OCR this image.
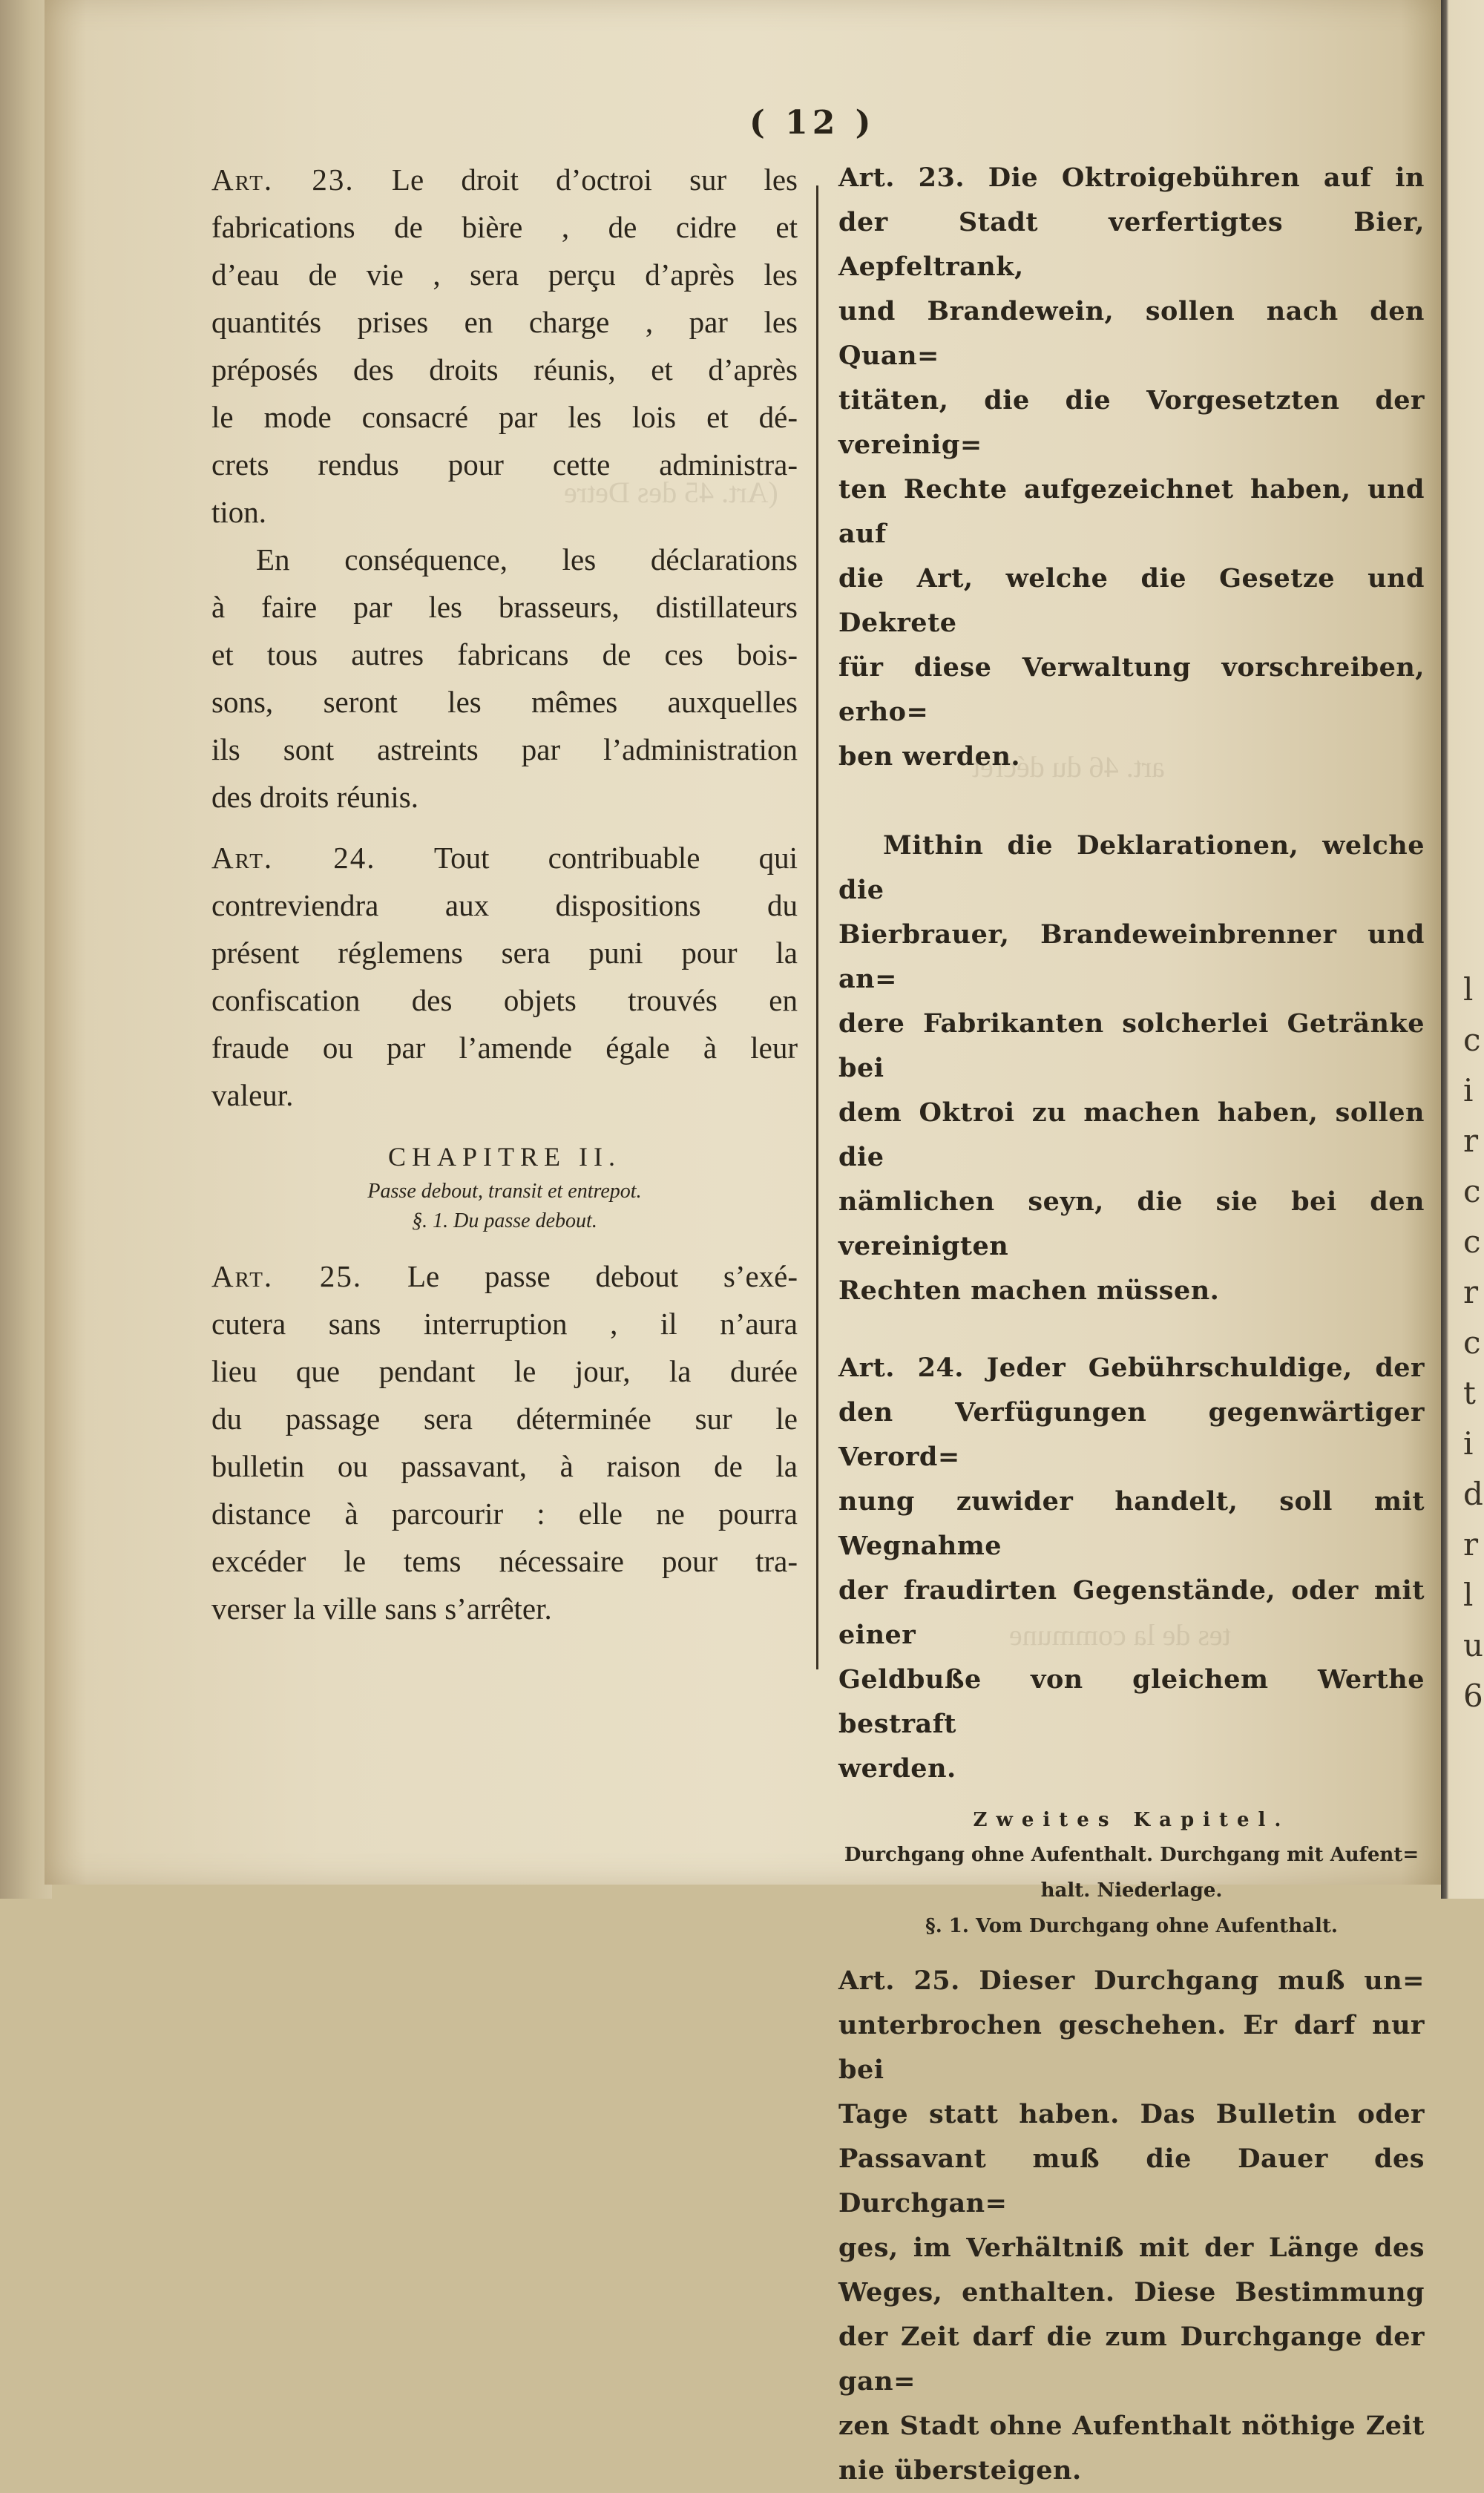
(Art. 45 des Detre
art. 46 du décret
tes de la commune
l
c
i
r
c
c
r
c
t
i
d
r
l
u
6
( 12 )

Art. 23. Le droit d’octroi sur les

fabrications de bière , de cidre et

d’eau de vie , sera perçu d’après les

quantités prises en charge , par les

préposés des droits réunis, et d’après

le mode consacré par les lois et dé-

crets rendus pour cette administra-

tion.

En conséquence, les déclarations

à faire par les brasseurs, distillateurs

et tous autres fabricans de ces bois-

sons, seront les mêmes auxquelles

ils sont astreints par l’administration

des droits réunis.

Art. 24. Tout contribuable qui

contreviendra aux dispositions du

présent réglemens sera puni pour la

confiscation des objets trouvés en

fraude ou par l’amende égale à leur

valeur.

CHAPITRE II.
Passe debout, transit et entrepot.
§. 1. Du passe debout.

Art. 25. Le passe debout s’exé-

cutera sans interruption , il n’aura

lieu que pendant le jour, la durée

du passage sera déterminée sur le

bulletin ou passavant, à raison de la

distance à parcourir : elle ne pourra

excéder le tems nécessaire pour tra-

verser la ville sans s’arrêter.

Art. 23. Die Oktroigebühren auf in

der Stadt verfertigtes Bier, Aepfeltrank,

und Brandewein, sollen nach den Quan=

titäten, die die Vorgesetzten der vereinig=

ten Rechte aufgezeichnet haben, und auf

die Art, welche die Gesetze und Dekrete

für diese Verwaltung vorschreiben, erho=

ben werden.

Mithin die Deklarationen, welche die

Bierbrauer, Brandeweinbrenner und an=

dere Fabrikanten solcherlei Getränke bei

dem Oktroi zu machen haben, sollen die

nämlichen seyn, die sie bei den vereinigten

Rechten machen müssen.

Art. 24. Jeder Gebührschuldige, der

den Verfügungen gegenwärtiger Verord=

nung zuwider handelt, soll mit Wegnahme

der fraudirten Gegenstände, oder mit einer

Geldbuße von gleichem Werthe bestraft

werden.

Zweites Kapitel.
Durchgang ohne Aufenthalt. Durchgang mit Aufent=
halt. Niederlage.
§. 1. Vom Durchgang ohne Aufenthalt.

Art. 25. Dieser Durchgang muß un=

unterbrochen geschehen. Er darf nur bei

Tage statt haben. Das Bulletin oder

Passavant muß die Dauer des Durchgan=

ges, im Verhältniß mit der Länge des

Weges, enthalten. Diese Bestimmung

der Zeit darf die zum Durchgange der gan=

zen Stadt ohne Aufenthalt nöthige Zeit

nie übersteigen.
